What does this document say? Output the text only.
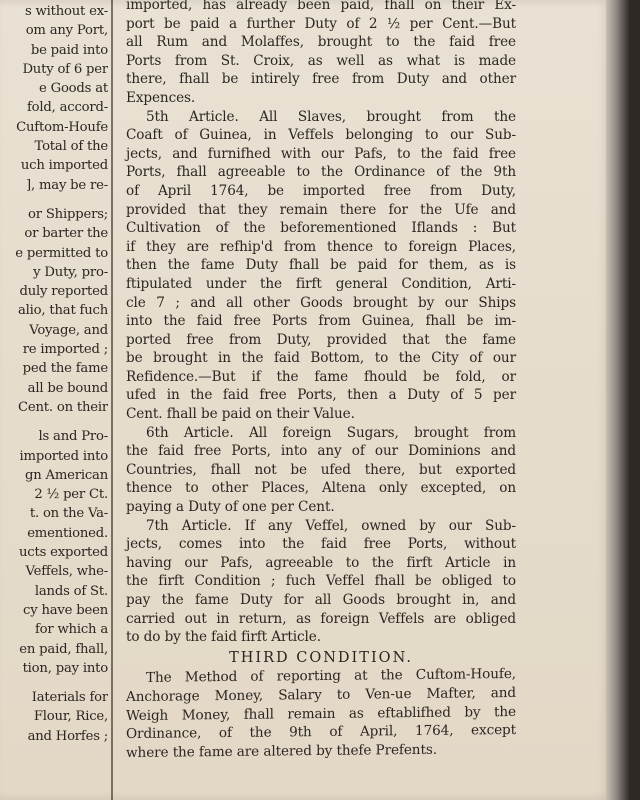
s without ex-
om any Port,
be paid into
Duty of 6 per
e Goods at
fold, accord-
Cuftom-Houfe
Total of the
uch imported
], may be re-
or Shippers;
or barter the
e permitted to
y Duty, pro-
duly reported
alio, that fuch
Voyage, and
re imported ;
ped the fame
all be bound
Cent. on their
ls and Pro-
imported into
gn American
2 ½ per Ct.
t. on the Va-
ementioned.
ucts exported
Veffels, whe-
lands of St.
cy have been
for which a
en paid, fhall,
tion, pay into
Iaterials for
Flour, Rice,
and Horfes ;
imported, has already been paid, fhall on their Ex-
port be paid a further Duty of 2 ½ per Cent.—But
all Rum and Molaffes, brought to the faid free
Ports from St. Croix, as well as what is made
there, fhall be intirely free from Duty and other
Expences.
5th Article. All Slaves, brought from the
Coaft of Guinea, in Veffels belonging to our Sub-
jects, and furnifhed with our Pafs, to the faid free
Ports, fhall agreeable to the Ordinance of the 9th
of April 1764, be imported free from Duty,
provided that they remain there for the Ufe and
Cultivation of the beforementioned Iflands : But
if they are refhip'd from thence to foreign Places,
then the fame Duty fhall be paid for them, as is
ftipulated under the firft general Condition, Arti-
cle 7 ; and all other Goods brought by our Ships
into the faid free Ports from Guinea, fhall be im-
ported free from Duty, provided that the fame
be brought in the faid Bottom, to the City of our
Refidence.—But if the fame fhould be fold, or
ufed in the faid free Ports, then a Duty of 5 per
Cent. fhall be paid on their Value.
6th Article. All foreign Sugars, brought from
the faid free Ports, into any of our Dominions and
Countries, fhall not be ufed there, but exported
thence to other Places, Altena only excepted, on
paying a Duty of one per Cent.
7th Article. If any Veffel, owned by our Sub-
jects, comes into the faid free Ports, without
having our Pafs, agreeable to the firft Article in
the firft Condition ; fuch Veffel fhall be obliged to
pay the fame Duty for all Goods brought in, and
carried out in return, as foreign Veffels are obliged
to do by the faid firft Article.
THIRD CONDITION.
The Method of reporting at the Cuftom-Houfe,
Anchorage Money, Salary to Ven-ue Mafter, and
Weigh Money, fhall remain as eftablifhed by the
Ordinance, of the 9th of April, 1764, except
where the fame are altered by thefe Prefents.
